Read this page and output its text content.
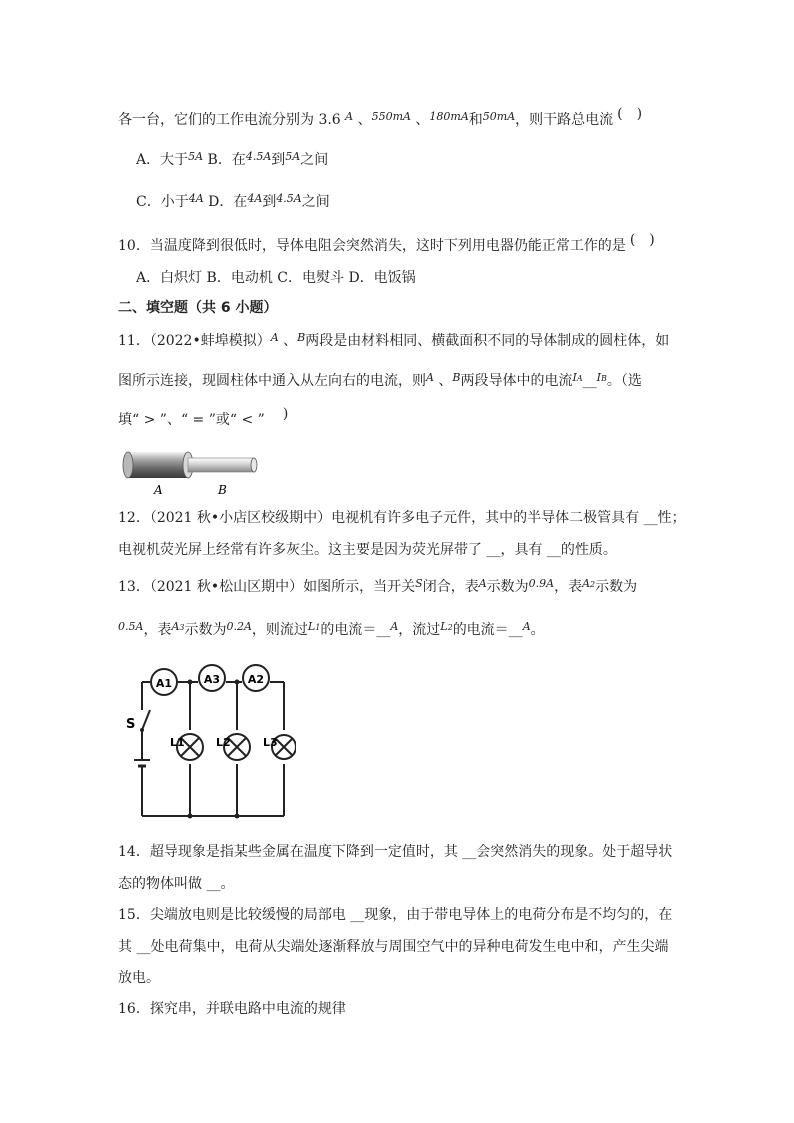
各一台，它们的工作电流分别为 3.6 $^A$ 、$^{550mA}$ 、$^{180mA}$和$^{50mA}$，则干路总电流 (　)
A．大于$^{5A}$ B．在$^{4.5A}$到$^{5A}$之间
C．小于$^{4A}$ D．在$^{4A}$到$^{4.5A}$之间
10．当温度降到很低时，导体电阻会突然消失，这时下列用电器仍能正常工作的是 (　)
A．白炽灯 B．电动机 C．电熨斗 D．电饭锅
二、填空题（共 6 小题）
11．（2022•蚌埠模拟）$^A$ 、$^B$两段是由材料相同、横截面积不同的导体制成的圆柱体，如
图所示连接，现圆柱体中通入从左向右的电流，则$^A$ 、$^B$两段导体中的电流$^{IA}$__$^{IB}$。（选
填“ > ”、“ = ”或“ < ”　)
A	B
12．（2021 秋•小店区校级期中）电视机有许多电子元件，其中的半导体二极管具有 __性；
电视机荧光屏上经常有许多灰尘。这主要是因为荧光屏带了 __，具有 __的性质。
13．（2021 秋•松山区期中）如图所示，当开关$^S$闭合，表$^A$示数为$^{0.9A}$，表$^{A2}$示数为
$^{0.5A}$，表$^{A3}$示数为$^{0.2A}$，则流过$^{L1}$的电流＝__$^A$，流过$^{L2}$的电流＝__$^A$。
S
A1	A3	A2
L1	L2	L3
14．超导现象是指某些金属在温度下降到一定值时，其 __会突然消失的现象。处于超导状
态的物体叫做 __。
15．尖端放电则是比较缓慢的局部电 __现象，由于带电导体上的电荷分布是不均匀的，在
其 __处电荷集中，电荷从尖端处逐渐释放与周围空气中的异种电荷发生电中和，产生尖端
放电。
16．探究串，并联电路中电流的规律
